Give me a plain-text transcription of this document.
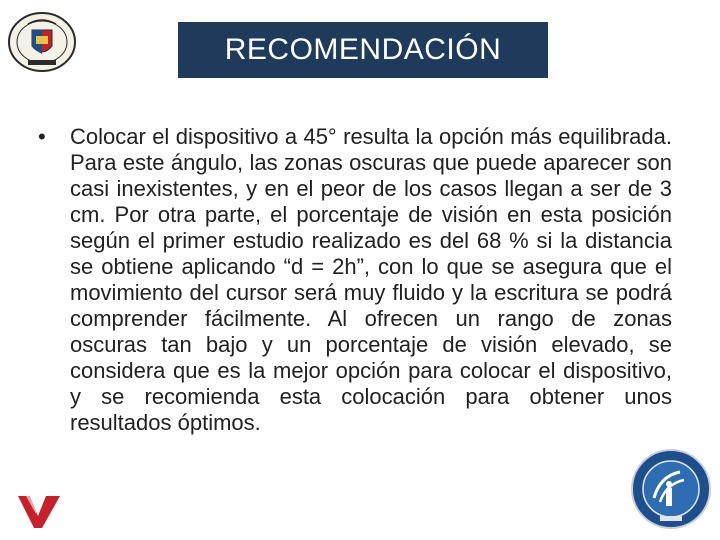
RECOMENDACIÓN
• Colocar el dispositivo a 45° resulta la opción más equilibrada. Para este ángulo, las zonas oscuras que puede aparecer son casi inexistentes, y en el peor de los casos llegan a ser de 3 cm. Por otra parte, el porcentaje de visión en esta posición según el primer estudio realizado es del 68 % si la distancia se obtiene aplicando “d = 2h”, con lo que se asegura que el movimiento del cursor será muy fluido y la escritura se podrá comprender fácilmente. Al ofrecen un rango de zonas oscuras tan bajo y un porcentaje de visión elevado, se considera que es la mejor opción para colocar el dispositivo, y se recomienda esta colocación para obtener unos resultados óptimos.
